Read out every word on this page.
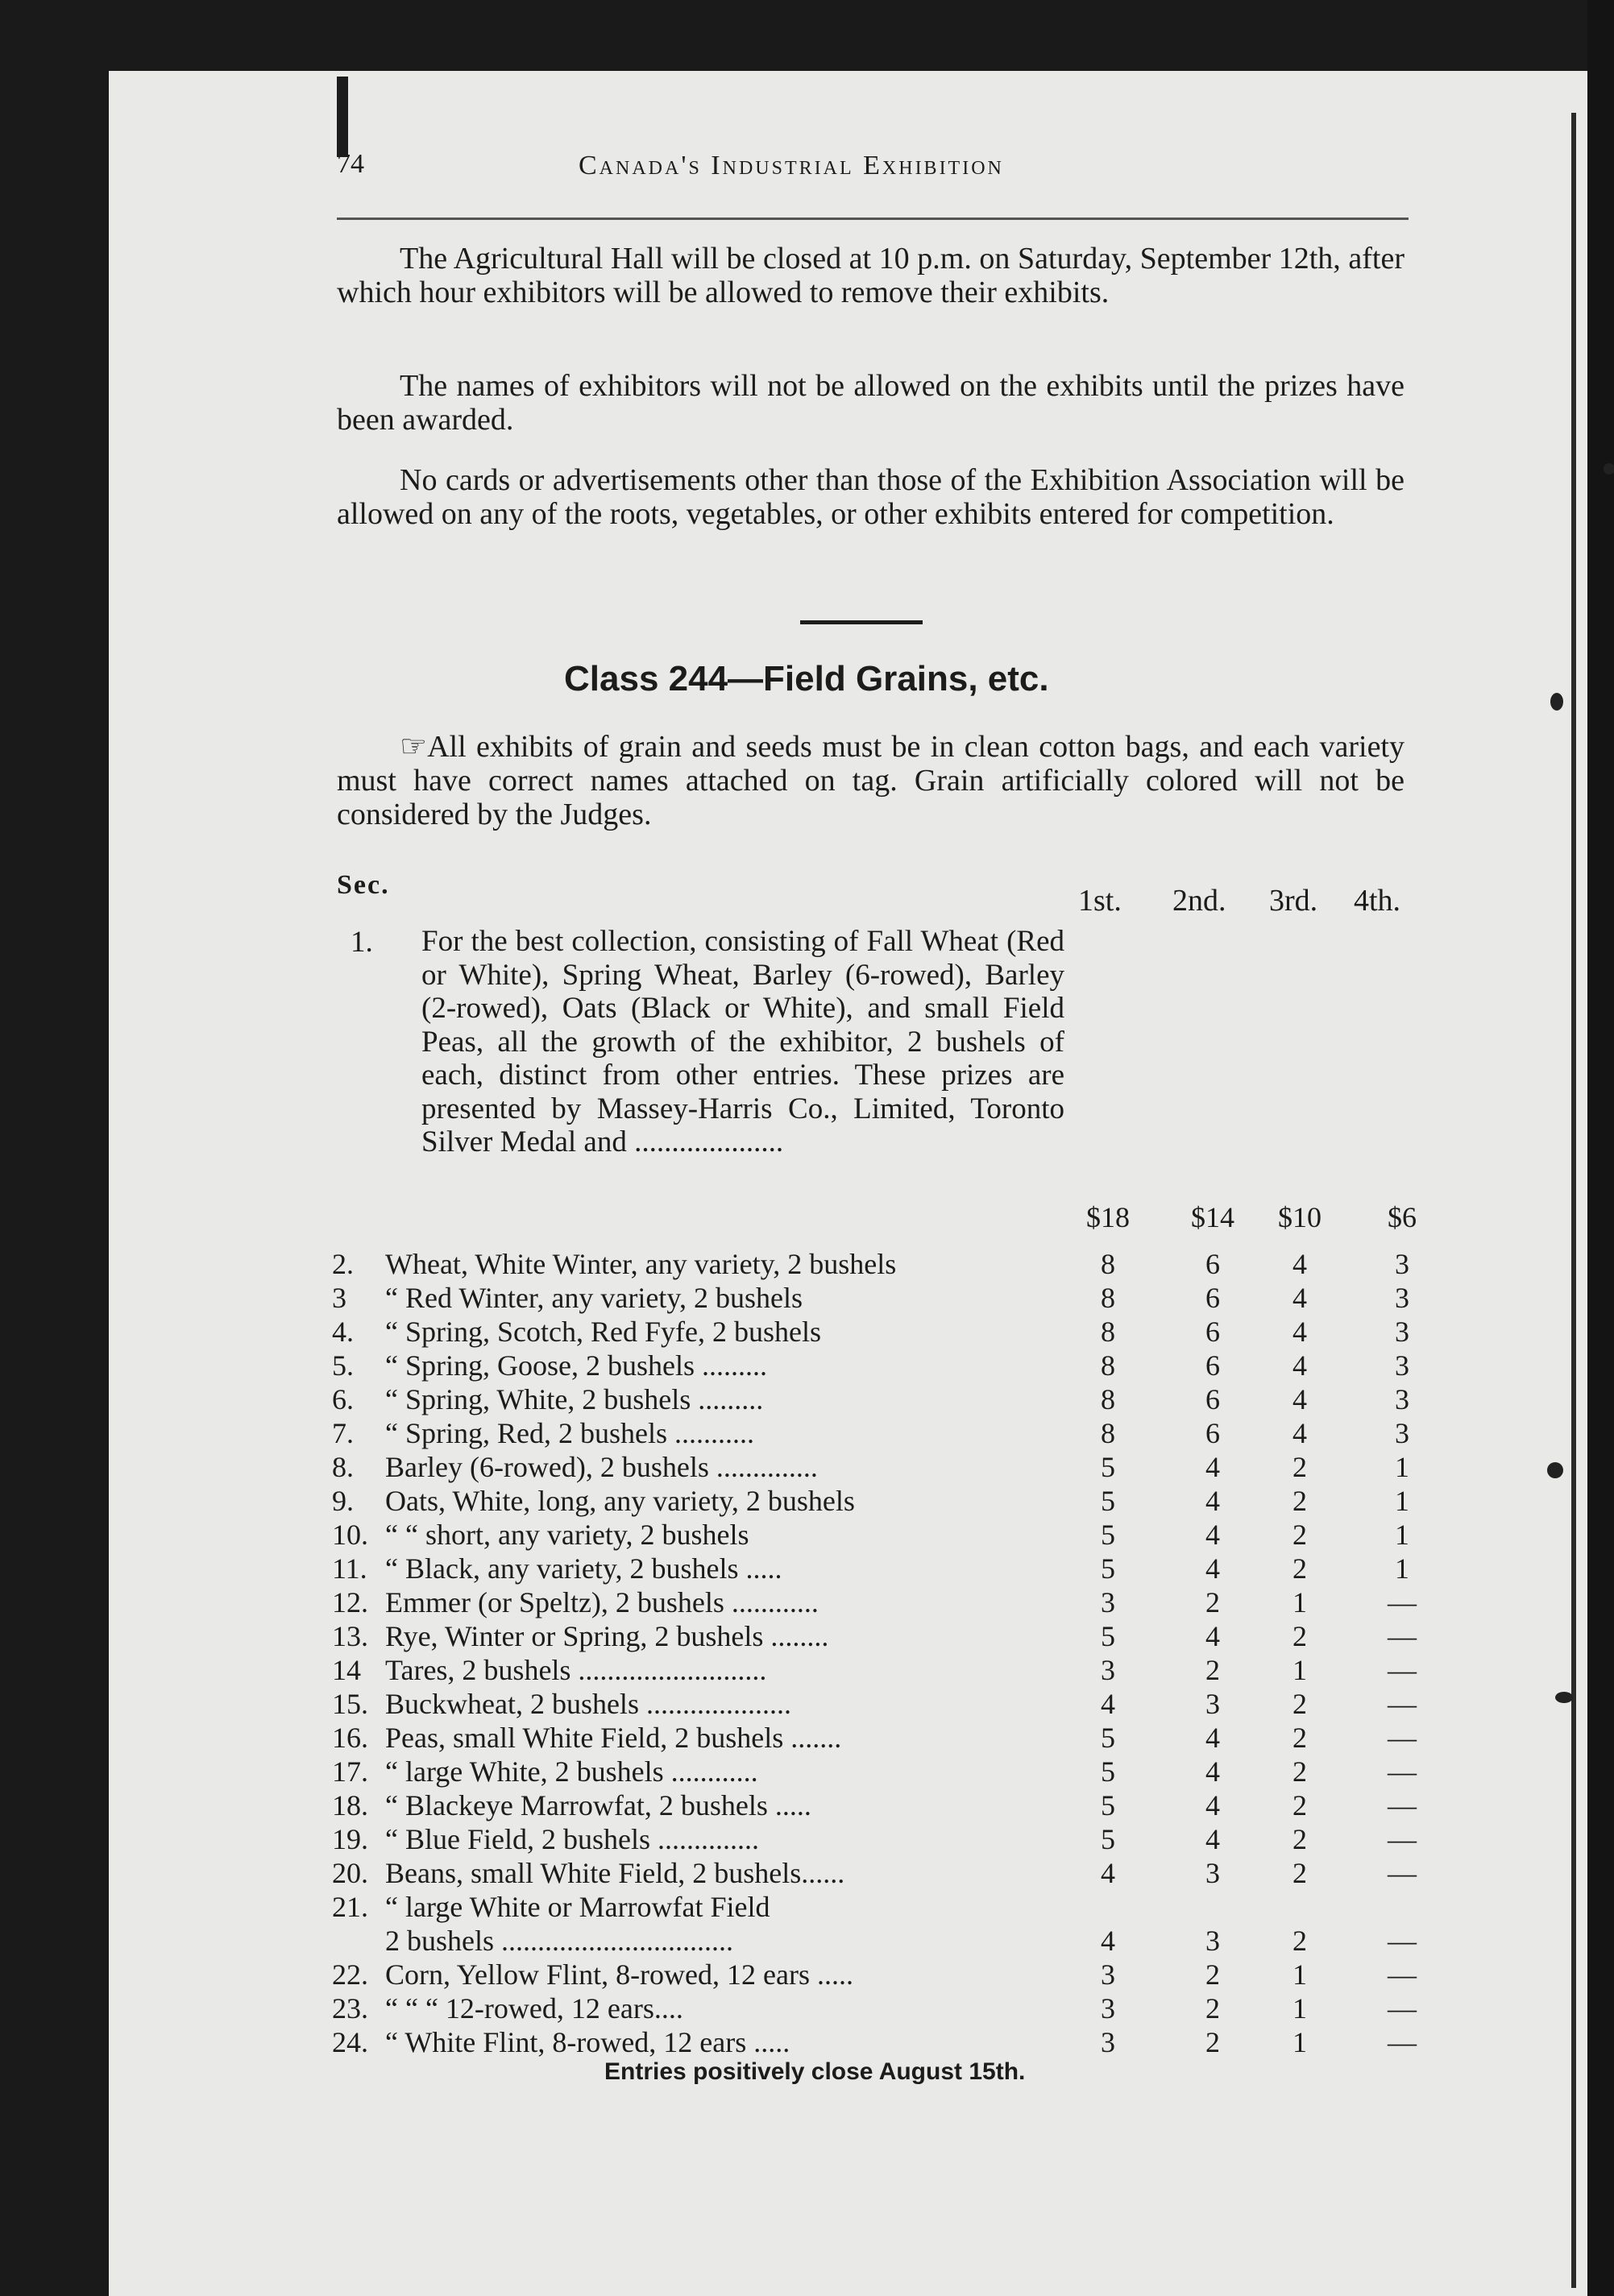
74	Canada's Industrial Exhibition
The Agricultural Hall will be closed at 10 p.m. on Saturday, September 12th, after which hour exhibitors will be allowed to remove their exhibits.
The names of exhibitors will not be allowed on the exhibits until the prizes have been awarded.
No cards or advertisements other than those of the Exhibition Association will be allowed on any of the roots, vegetables, or other exhibits entered for competition.
Class 244—Field Grains, etc.
☞All exhibits of grain and seeds must be in clean cotton bags, and each variety must have correct names attached on tag. Grain artificially colored will not be considered by the Judges.
Sec.	1st. 2nd. 3rd. 4th.
1. For the best collection, consisting of Fall Wheat (Red or White), Spring Wheat, Barley (6-rowed), Barley (2-rowed), Oats (Black or White), and small Field Peas, all the growth of the exhibitor, 2 bushels of each, distinct from other entries. These prizes are presented by Massey-Harris Co., Limited, Toronto Silver Medal and ....................
$18	$14	$10	$6
2. Wheat, White Winter, any variety, 2 bushels	8	6	4	3
3 “ Red Winter, any variety, 2 bushels	8	6	4	3
4. “ Spring, Scotch, Red Fyfe, 2 bushels	8	6	4	3
5. “ Spring, Goose, 2 bushels .........	8	6	4	3
6. “ Spring, White, 2 bushels .........	8	6	4	3
7. “ Spring, Red, 2 bushels ...........	8	6	4	3
8. Barley (6-rowed), 2 bushels ..............	5	4	2	1
9. Oats, White, long, any variety, 2 bushels	5	4	2	1
10. “ “ short, any variety, 2 bushels	5	4	2	1
11. “ Black, any variety, 2 bushels .....	5	4	2	1
12. Emmer (or Speltz), 2 bushels ............	3	2	1	—
13. Rye, Winter or Spring, 2 bushels ........	5	4	2	—
14 Tares, 2 bushels ..........................	3	2	1	—
15. Buckwheat, 2 bushels ....................	4	3	2	—
16. Peas, small White Field, 2 bushels .......	5	4	2	—
17. “ large White, 2 bushels ............	5	4	2	—
18. “ Blackeye Marrowfat, 2 bushels .....	5	4	2	—
19. “ Blue Field, 2 bushels ..............	5	4	2	—
20. Beans, small White Field, 2 bushels......	4	3	2	—
21. “ large White or Marrowfat Field
2 bushels ................................	4	3	2	—
22. Corn, Yellow Flint, 8-rowed, 12 ears .....	3	2	1	—
23. “ “ “ 12-rowed, 12 ears....	3	2	1	—
24. “ White Flint, 8-rowed, 12 ears .....	3	2	1	—
Entries positively close August 15th.
